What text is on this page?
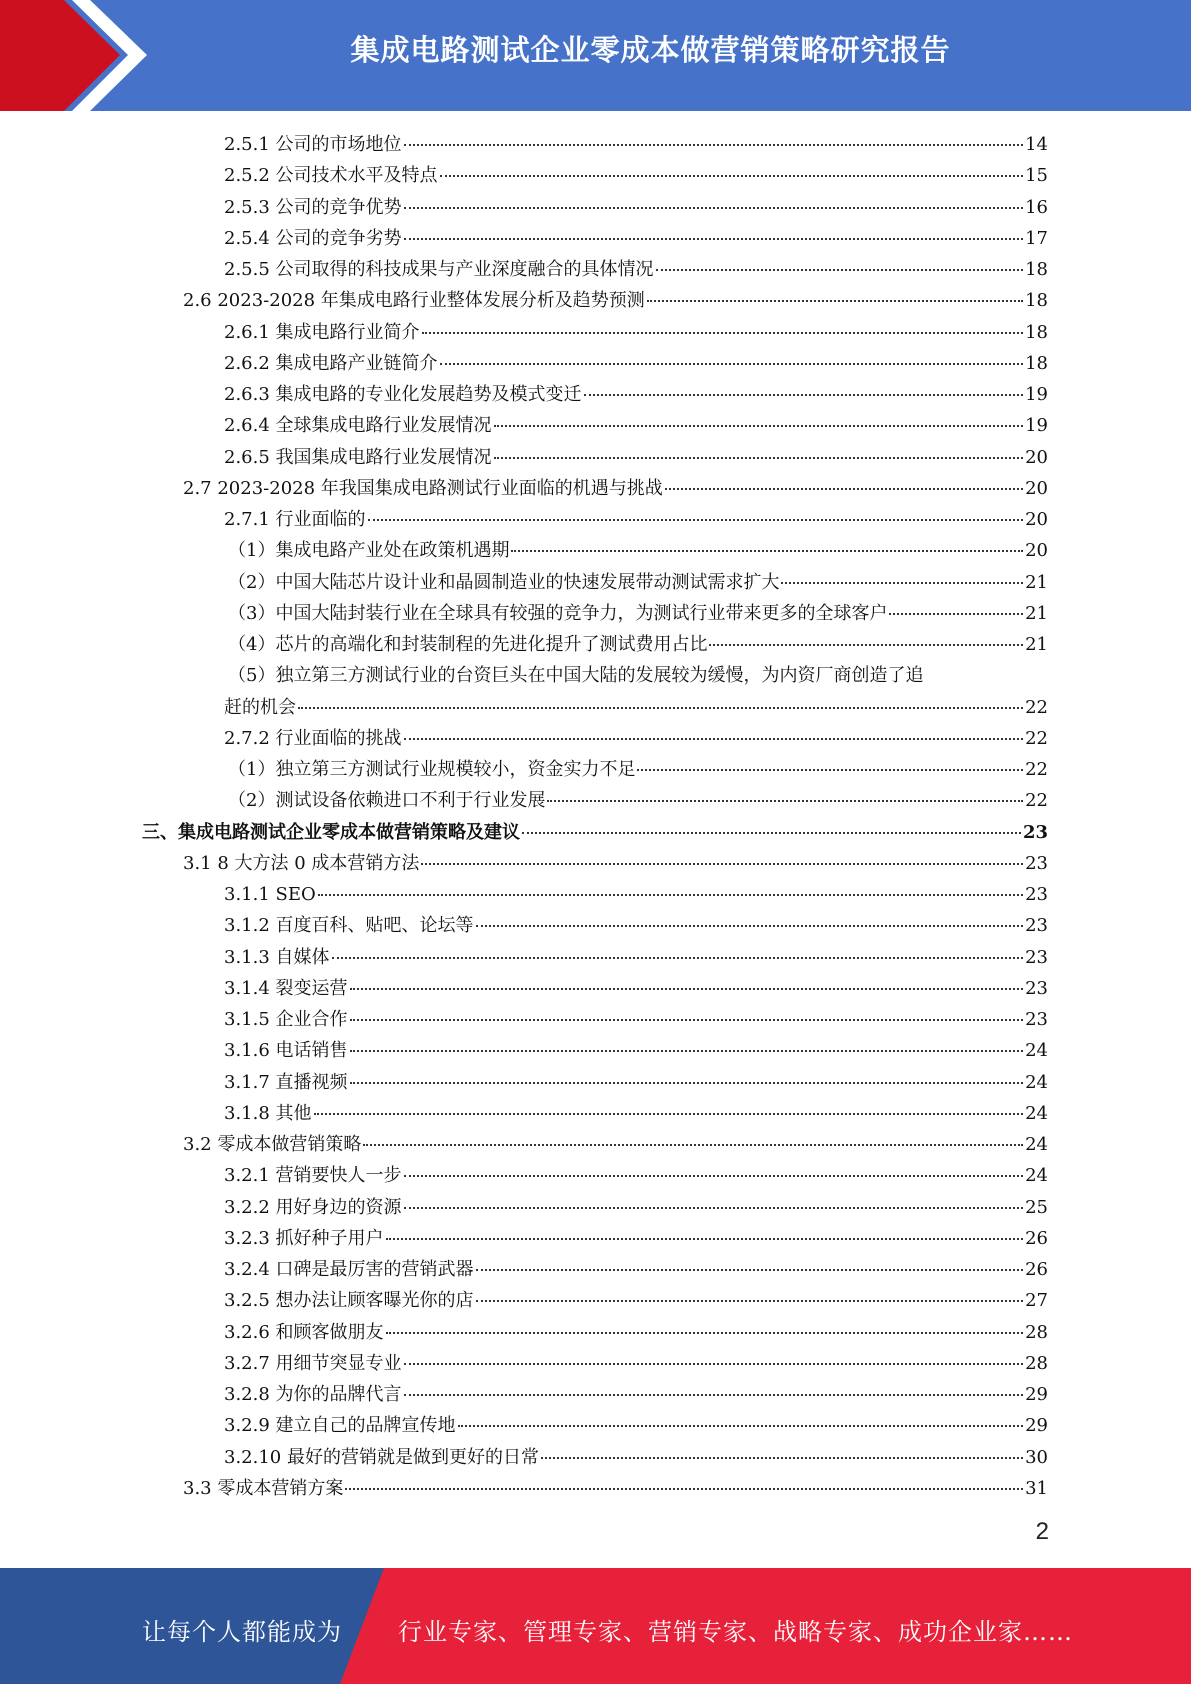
集成电路测试企业零成本做营销策略研究报告
2.5.1 公司的市场地位	14
2.5.2 公司技术水平及特点	15
2.5.3 公司的竞争优势	16
2.5.4 公司的竞争劣势	17
2.5.5 公司取得的科技成果与产业深度融合的具体情况	18
2.6 2023-2028 年集成电路行业整体发展分析及趋势预测	18
2.6.1 集成电路行业简介	18
2.6.2 集成电路产业链简介	18
2.6.3 集成电路的专业化发展趋势及模式变迁	19
2.6.4 全球集成电路行业发展情况	19
2.6.5 我国集成电路行业发展情况	20
2.7 2023-2028 年我国集成电路测试行业面临的机遇与挑战	20
2.7.1 行业面临的	20
（1）集成电路产业处在政策机遇期	20
（2）中国大陆芯片设计业和晶圆制造业的快速发展带动测试需求扩大	21
（3）中国大陆封装行业在全球具有较强的竞争力，为测试行业带来更多的全球客户	21
（4）芯片的高端化和封装制程的先进化提升了测试费用占比	21
（5）独立第三方测试行业的台资巨头在中国大陆的发展较为缓慢，为内资厂商创造了追
赶的机会	22
2.7.2 行业面临的挑战	22
（1）独立第三方测试行业规模较小，资金实力不足	22
（2）测试设备依赖进口不利于行业发展	22
三、集成电路测试企业零成本做营销策略及建议	23
3.1 8 大方法 0 成本营销方法	23
3.1.1 SEO	23
3.1.2 百度百科、贴吧、论坛等	23
3.1.3 自媒体	23
3.1.4 裂变运营	23
3.1.5 企业合作	23
3.1.6 电话销售	24
3.1.7 直播视频	24
3.1.8 其他	24
3.2 零成本做营销策略	24
3.2.1 营销要快人一步	24
3.2.2 用好身边的资源	25
3.2.3 抓好种子用户	26
3.2.4 口碑是最厉害的营销武器	26
3.2.5 想办法让顾客曝光你的店	27
3.2.6 和顾客做朋友	28
3.2.7 用细节突显专业	28
3.2.8 为你的品牌代言	29
3.2.9 建立自己的品牌宣传地	29
3.2.10 最好的营销就是做到更好的日常	30
3.3 零成本营销方案	31
2
让每个人都能成为 行业专家、管理专家、营销专家、战略专家、成功企业家……
